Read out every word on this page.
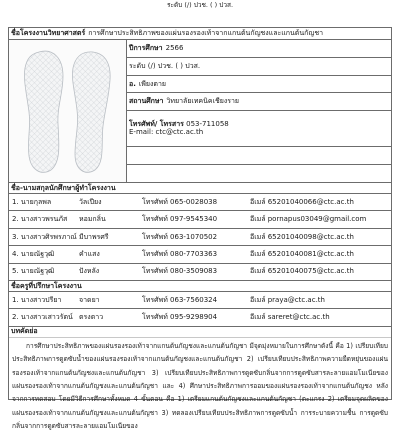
ระดับ (/) ปวช. ( ) ปวส.
ชื่อโครงงานวิทยาศาสตร์ การศึกษาประสิทธิภาพของแผ่นรองรองเท้าจากแกนต้นกัญชงและแกนต้นกัญชา
ปีการศึกษา 2566
ระดับ (/) ปวช. ( ) ปวส.
อ. เพียงตาย
สถานศึกษา วิทยาลัยเทคนิคเชียงราย
โทรศัพท์/ โทรสาร 053-711058
E-mail: ctc@ctc.ac.th
ชื่อ-นามสกุลนักศึกษาผู้ทำโครงงาน
1. นายกุลพล	วัลเปียง	โทรศัพท์ 065-0028038	อีเมล์ 65201040066@ctc.ac.th
2. นางสาวพรนภัส	หอมกลิ่น	โทรศัพท์ 097-9545340	อีเมล์ pornapus03049@gmail.com
3. นางสาวศิรพรภาณ์ มีบาพรศรี	โทรศัพท์ 063-1070502	อีเมล์ 65201040098@ctc.ac.th
4. นายณัฐวุฒิ	คำแสง	โทรศัพท์ 080-7703363	อีเมล์ 65201040081@ctc.ac.th
5. นายณัฐวุฒิ	ปังหลัง	โทรศัพท์ 080-3509083	อีเมล์ 65201040075@ctc.ac.th
ชื่อครูที่ปรึกษาโครงงาน
1. นางสาวปรียา	จาดยา	โทรศัพท์ 063-7560324	อีเมล์ praya@ctc.ac.th
2. นางสาวเสาวรัตน์ ตรงตาว	โทรศัพท์ 095-9298904	อีเมล์ sareret@ctc.ac.th
บทคัดย่อ
การศึกษาประสิทธิภาพของแผ่นรองรองเท้าจากแกนต้นกัญชงและแกนต้นกัญชา มีจุดมุ่งหมายในการศึกษาดังนี้ คือ 1) เปรียบเทียบประสิทธิภาพการดูดซับน้ำของแผ่นรองรองเท้าจากแกนต้นกัญชงและแกนต้นกัญชา 2) เปรียบเทียบประสิทธิภาพความยืดหยุ่นของแผ่นรองรองเท้าจากแกนต้นกัญชงและแกนต้นกัญชา 3) เปรียบเทียบประสิทธิภาพการดูดซับกลิ่นจากการดูดซับสารละลายแอมโมเนียของแผ่นรองรองเท้าจากแกนต้นกัญชงและแกนต้นกัญชา และ 4) ศึกษาประสิทธิภาพการออมของแผ่นรองรองเท้าจากแกนต้นกัญชง หลังจากการทดสอบ โดยมีวิธีการศึกษาทั้งหมด 4 ขั้นตอน คือ 1) เตรียมแกนต้นกัญชงและแกนต้นกัญชา (ตะแกรง 2) เตรียมจุดผลิตของแผ่นรองรองเท้าจากแกนต้นกัญชงและแกนต้นกัญชา 3) ทดลองเปรียบเทียบประสิทธิภาพการดูดซับน้ำ การระบายความชื้น การดูดซับกลิ่นจากการดูดซับสารละลายแอมโมเนียของ
